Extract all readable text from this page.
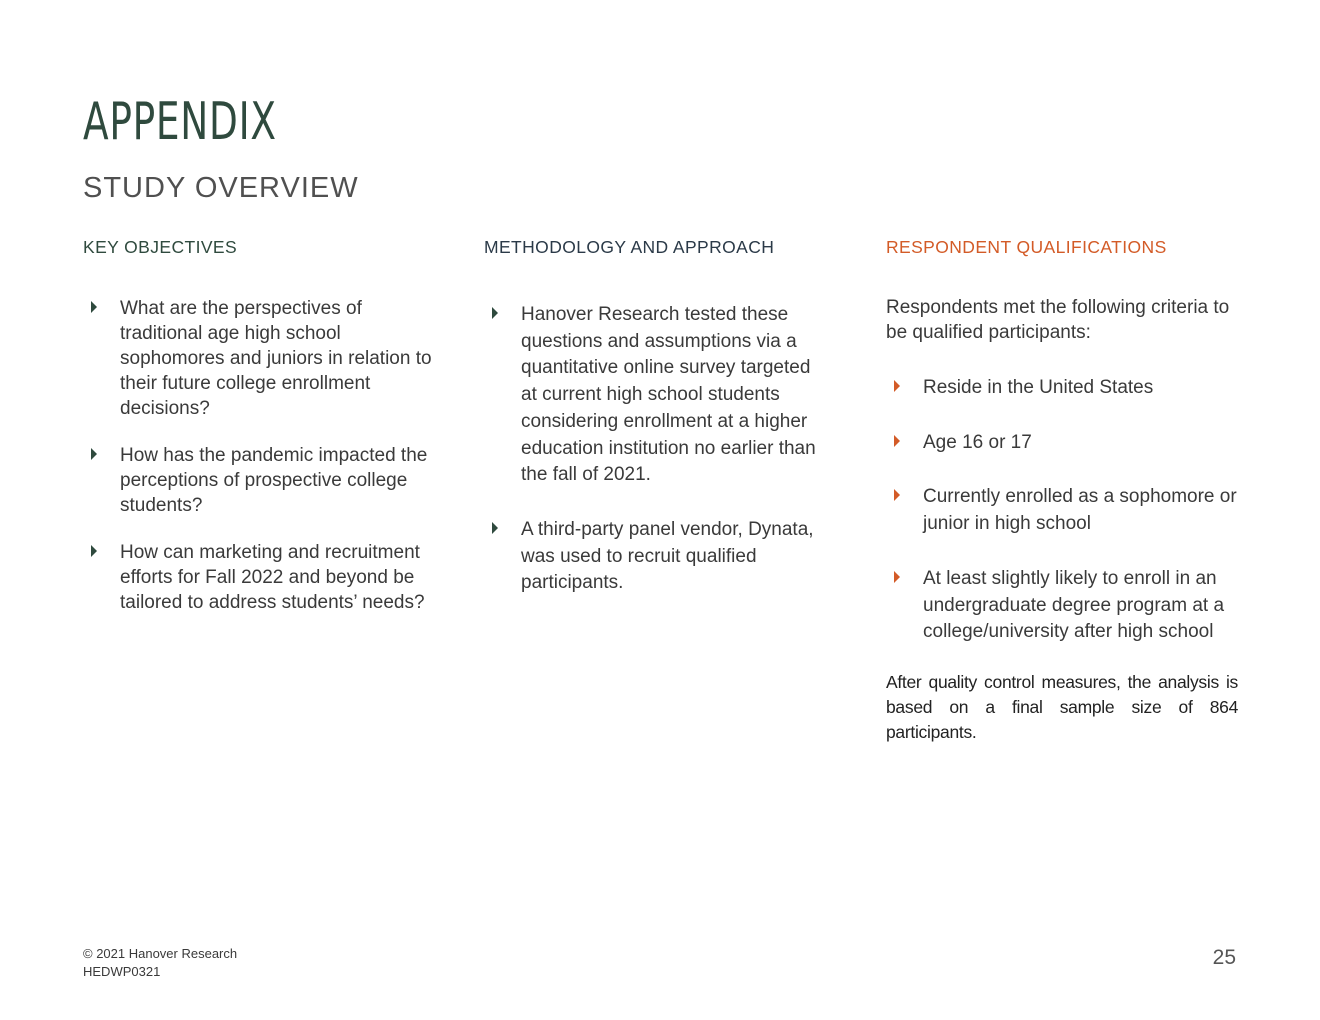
APPENDIX
STUDY OVERVIEW
KEY OBJECTIVES
What are the perspectives of traditional age high school sophomores and juniors in relation to their future college enrollment decisions?
How has the pandemic impacted the perceptions of prospective college students?
How can marketing and recruitment efforts for Fall 2022 and beyond be tailored to address students’ needs?
METHODOLOGY AND APPROACH
Hanover Research tested these questions and assumptions via a quantitative online survey targeted at current high school students considering enrollment at a higher education institution no earlier than the fall of 2021.
A third-party panel vendor, Dynata, was used to recruit qualified participants.
RESPONDENT QUALIFICATIONS

Respondents met the following criteria to be qualified participants:

Reside in the United States
Age 16 or 17
Currently enrolled as a sophomore or junior in high school
At least slightly likely to enroll in an undergraduate degree program at a college/university after high school

After quality control measures, the analysis is based on a final sample size of 864 participants.

© 2021 Hanover Research
HEDWP0321
25
